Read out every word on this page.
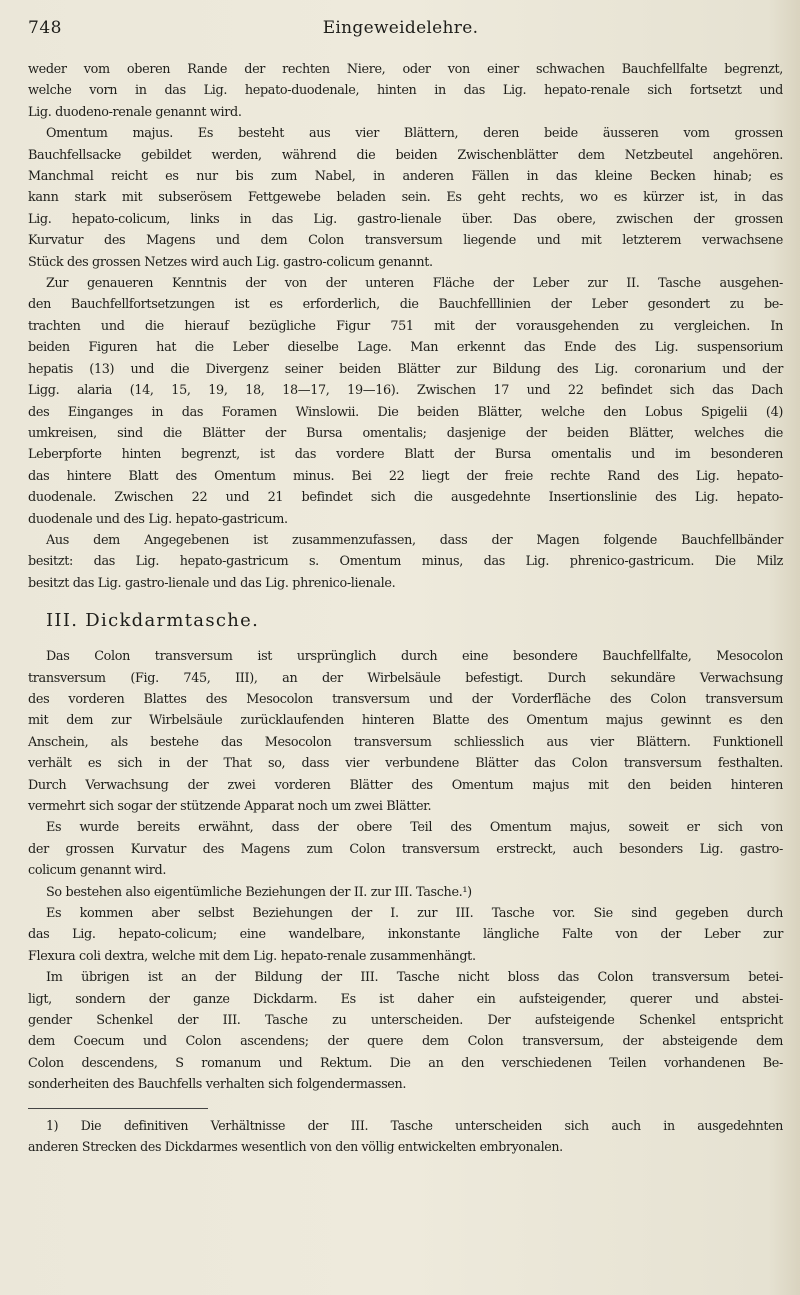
748	Eingeweidelehre.
weder vom oberen Rande der rechten Niere, oder von einer schwachen Bauchfellfalte begrenzt,
welche vorn in das Lig. hepato-duodenale, hinten in das Lig. hepato-renale sich fortsetzt und
Lig. duodeno-renale genannt wird.
Omentum majus. Es besteht aus vier Blättern, deren beide äusseren vom grossen
Bauchfellsacke gebildet werden, während die beiden Zwischenblätter dem Netzbeutel angehören.
Manchmal reicht es nur bis zum Nabel, in anderen Fällen in das kleine Becken hinab; es
kann stark mit subserösem Fettgewebe beladen sein. Es geht rechts, wo es kürzer ist, in das
Lig. hepato-colicum, links in das Lig. gastro-lienale über. Das obere, zwischen der grossen
Kurvatur des Magens und dem Colon transversum liegende und mit letzterem verwachsene
Stück des grossen Netzes wird auch Lig. gastro-colicum genannt.
Zur genaueren Kenntnis der von der unteren Fläche der Leber zur II. Tasche ausgehen-
den Bauchfellfortsetzungen ist es erforderlich, die Bauchfelllinien der Leber gesondert zu be-
trachten und die hierauf bezügliche Figur 751 mit der vorausgehenden zu vergleichen. In
beiden Figuren hat die Leber dieselbe Lage. Man erkennt das Ende des Lig. suspensorium
hepatis (13) und die Divergenz seiner beiden Blätter zur Bildung des Lig. coronarium und der
Ligg. alaria (14, 15, 19, 18, 18—17, 19—16). Zwischen 17 und 22 befindet sich das Dach
des Einganges in das Foramen Winslowii. Die beiden Blätter, welche den Lobus Spigelii (4)
umkreisen, sind die Blätter der Bursa omentalis; dasjenige der beiden Blätter, welches die
Leberpforte hinten begrenzt, ist das vordere Blatt der Bursa omentalis und im besonderen
das hintere Blatt des Omentum minus. Bei 22 liegt der freie rechte Rand des Lig. hepato-
duodenale. Zwischen 22 und 21 befindet sich die ausgedehnte Insertionslinie des Lig. hepato-
duodenale und des Lig. hepato-gastricum.
Aus dem Angegebenen ist zusammenzufassen, dass der Magen folgende Bauchfellbänder
besitzt: das Lig. hepato-gastricum s. Omentum minus, das Lig. phrenico-gastricum. Die Milz
besitzt das Lig. gastro-lienale und das Lig. phrenico-lienale.
III. Dickdarmtasche.
Das Colon transversum ist ursprünglich durch eine besondere Bauchfellfalte, Mesocolon
transversum (Fig. 745, III), an der Wirbelsäule befestigt. Durch sekundäre Verwachsung
des vorderen Blattes des Mesocolon transversum und der Vorderfläche des Colon transversum
mit dem zur Wirbelsäule zurücklaufenden hinteren Blatte des Omentum majus gewinnt es den
Anschein, als bestehe das Mesocolon transversum schliesslich aus vier Blättern. Funktionell
verhält es sich in der That so, dass vier verbundene Blätter das Colon transversum festhalten.
Durch Verwachsung der zwei vorderen Blätter des Omentum majus mit den beiden hinteren
vermehrt sich sogar der stützende Apparat noch um zwei Blätter.
Es wurde bereits erwähnt, dass der obere Teil des Omentum majus, soweit er sich von
der grossen Kurvatur des Magens zum Colon transversum erstreckt, auch besonders Lig. gastro-
colicum genannt wird.
So bestehen also eigentümliche Beziehungen der II. zur III. Tasche.¹)
Es kommen aber selbst Beziehungen der I. zur III. Tasche vor. Sie sind gegeben durch
das Lig. hepato-colicum; eine wandelbare, inkonstante längliche Falte von der Leber zur
Flexura coli dextra, welche mit dem Lig. hepato-renale zusammenhängt.
Im übrigen ist an der Bildung der III. Tasche nicht bloss das Colon transversum betei-
ligt, sondern der ganze Dickdarm. Es ist daher ein aufsteigender, querer und abstei-
gender Schenkel der III. Tasche zu unterscheiden. Der aufsteigende Schenkel entspricht
dem Coecum und Colon ascendens; der quere dem Colon transversum, der absteigende dem
Colon descendens, S romanum und Rektum. Die an den verschiedenen Teilen vorhandenen Be-
sonderheiten des Bauchfells verhalten sich folgendermassen.
1) Die definitiven Verhältnisse der III. Tasche unterscheiden sich auch in ausgedehnten
anderen Strecken des Dickdarmes wesentlich von den völlig entwickelten embryonalen.
